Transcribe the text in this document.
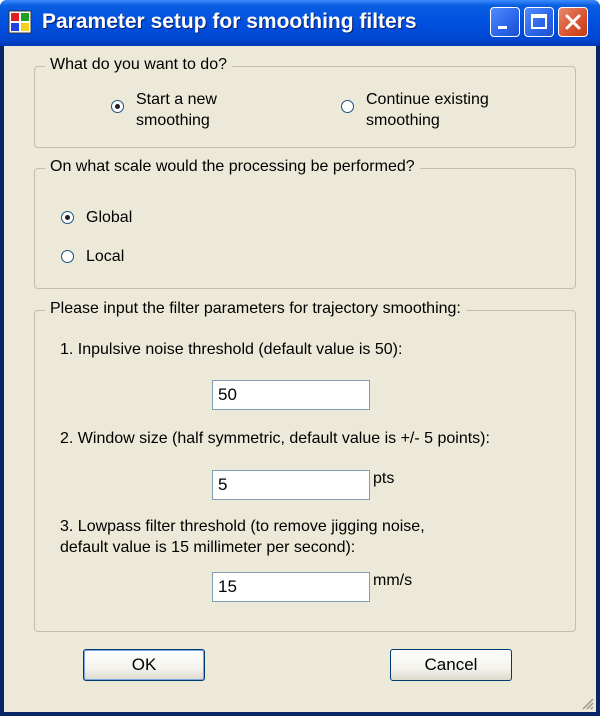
Parameter setup for smoothing filters
What do you want to do?
Start a new
smoothing
Continue existing
smoothing
On what scale would the processing be performed?
Global
Local
Please input the filter parameters for trajectory smoothing:
1. Inpulsive noise threshold (default value is 50):
50
2. Window size (half symmetric, default value is +/- 5 points):
5	pts
3. Lowpass filter threshold (to remove jigging noise,
default value is 15 millimeter per second):
15	mm/s
OK	Cancel
